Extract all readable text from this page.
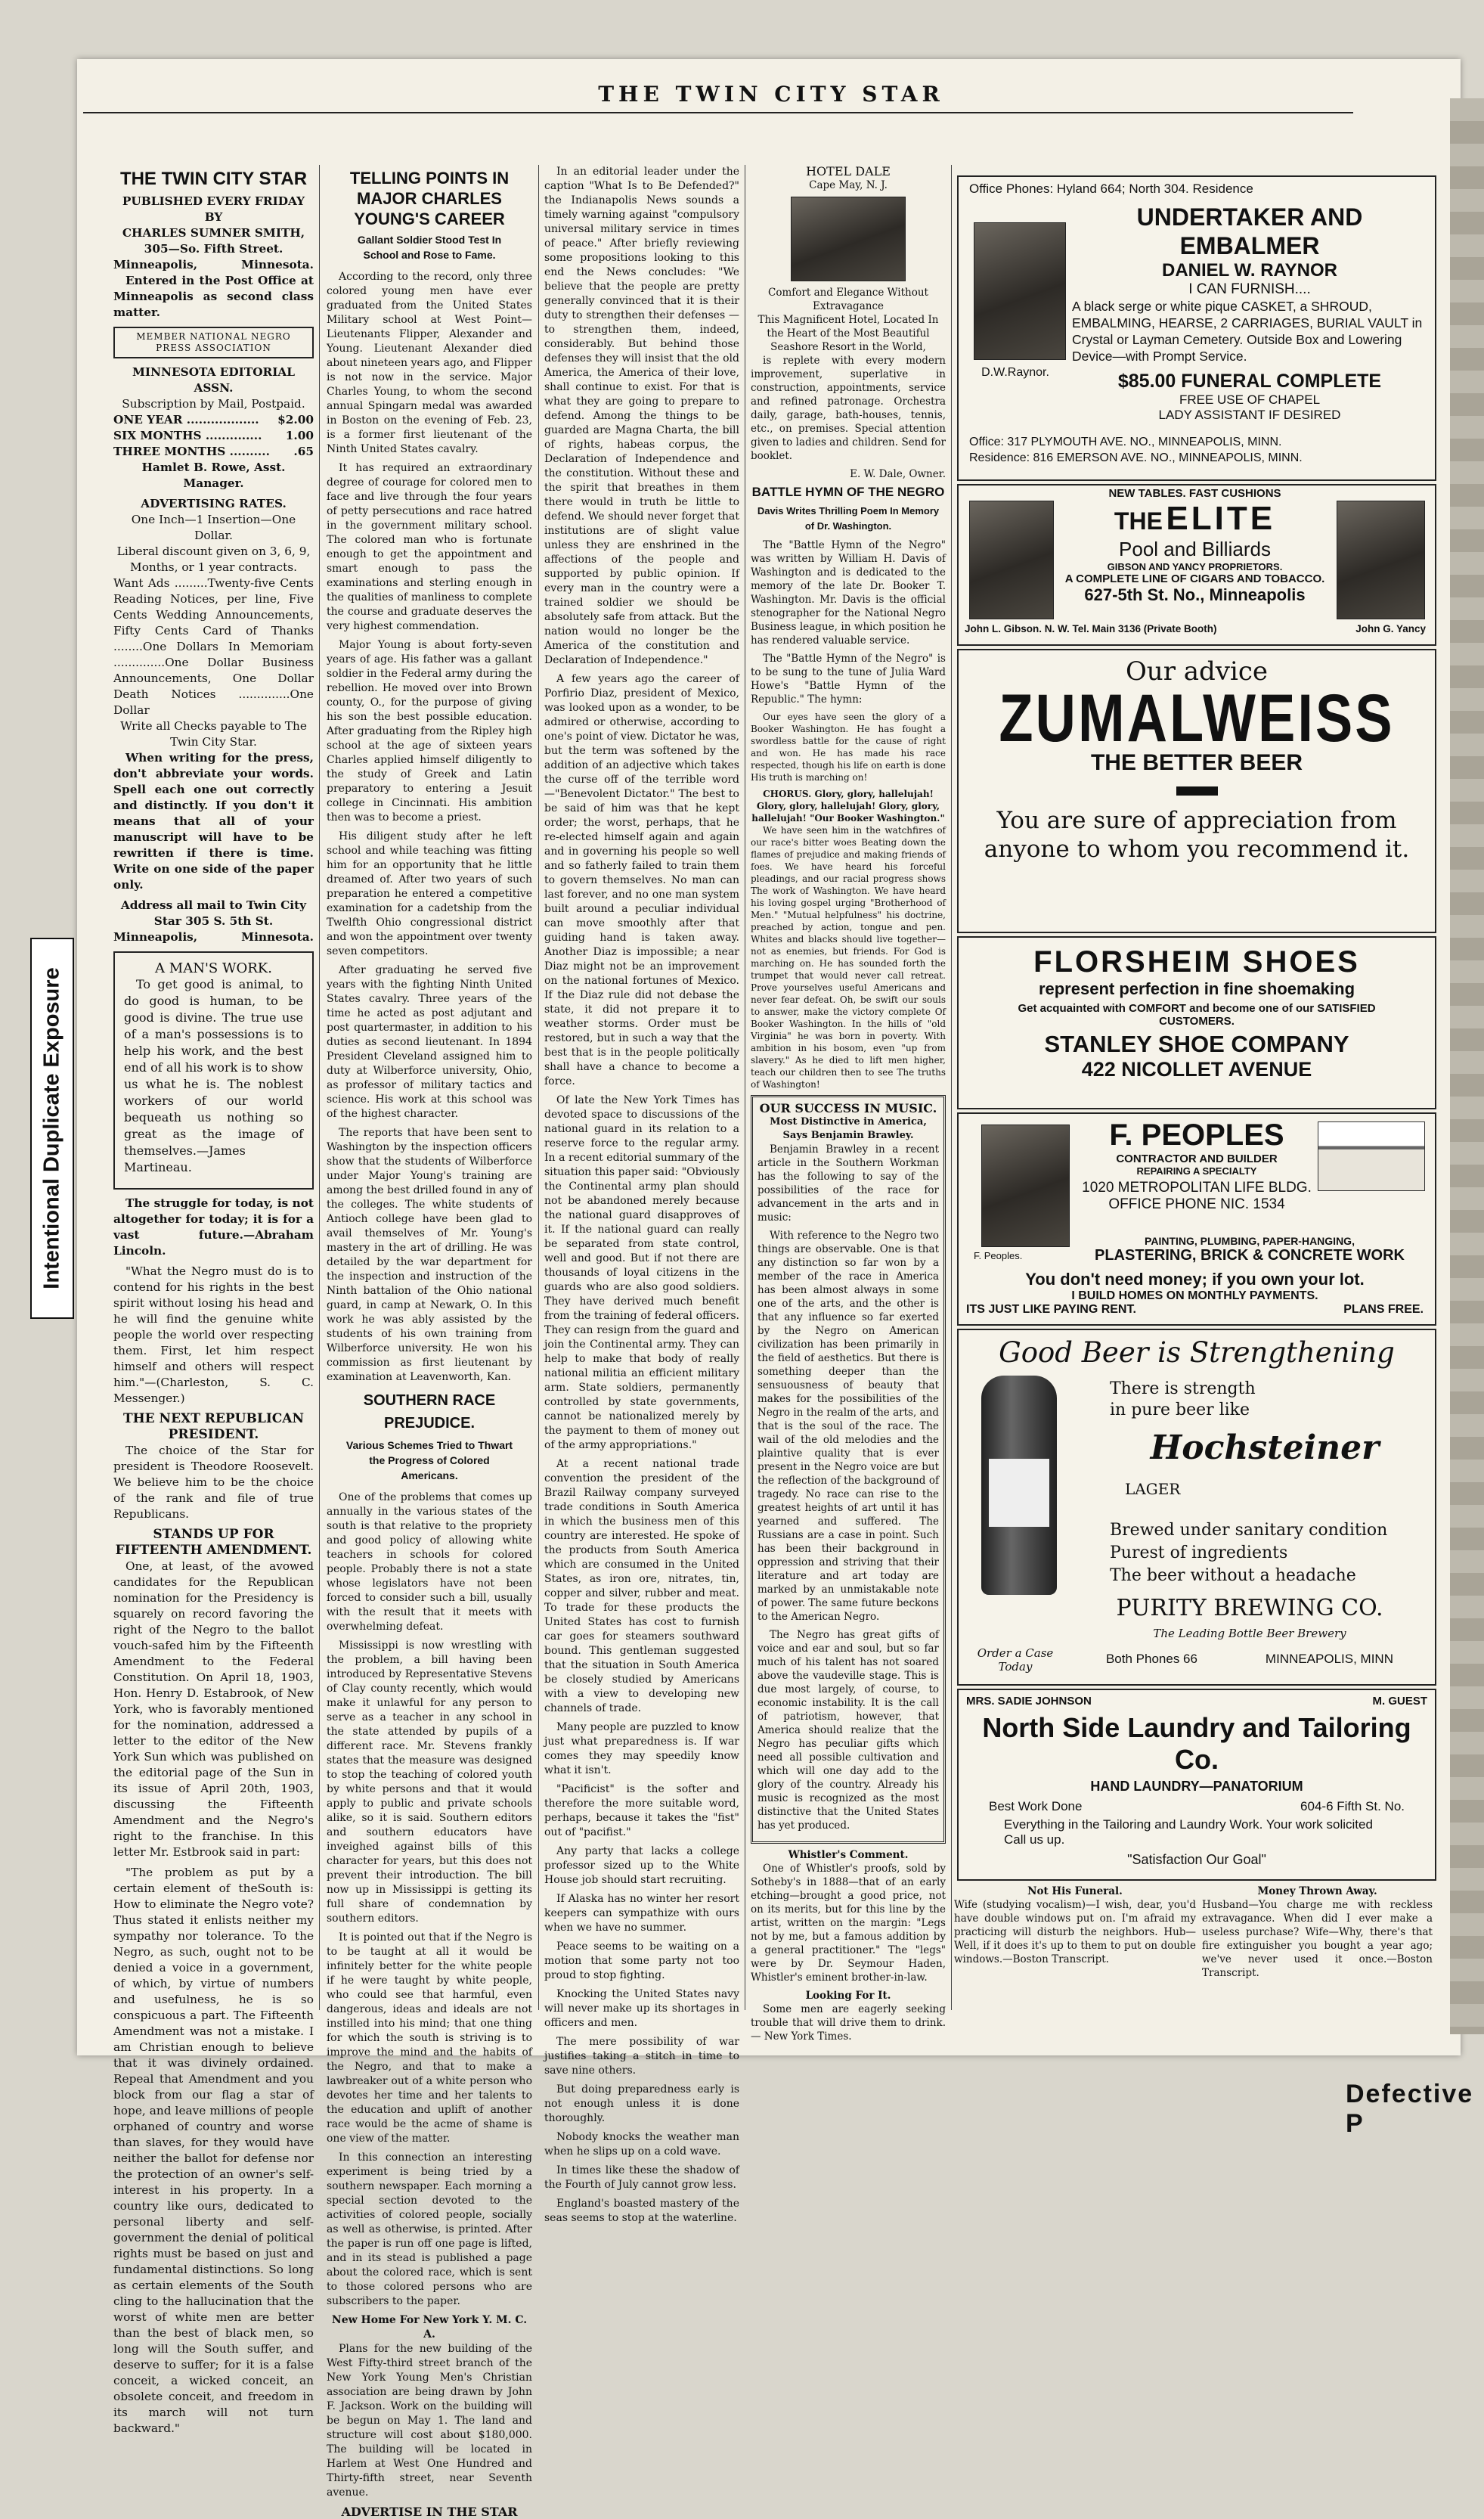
THE TWIN CITY STAR
THE TWIN CITY STAR
PUBLISHED EVERY FRIDAY BY
CHARLES SUMNER SMITH,
305—So. Fifth Street.
Minneapolis,	Minnesota.

Entered in the Post Office at Minneapolis as second class matter.

MEMBER NATIONAL NEGRO PRESS ASSOCIATION
MINNESOTA EDITORIAL ASSN.
Subscription by Mail, Postpaid.
ONE YEAR .................. $2.00
SIX MONTHS .............. 1.00
THREE MONTHS .......... .65
Hamlet B. Rowe, Asst. Manager.
ADVERTISING RATES.
One Inch—1 Insertion—One Dollar.
Liberal discount given on 3, 6, 9, Months, or 1 year contracts.
Want Ads .........Twenty-five Cents Reading Notices, per line, Five Cents Wedding Announcements, Fifty Cents Card of Thanks ........One Dollars In Memoriam ..............One Dollar Business Announcements, One Dollar Death Notices ..............One Dollar
Write all Checks payable to The Twin City Star.

When writing for the press, don't abbreviate your words. Spell each one out correctly and distinctly. If you don't it means that all of your manuscript will have to be rewritten if there is time. Write on one side of the paper only.

Address all mail to Twin City Star 305 S. 5th St.
Minneapolis,	Minnesota.
A MAN'S WORK.

To get good is animal, to do good is human, to be good is divine. The true use of a man's possessions is to help his work, and the best end of all his work is to show us what he is. The noblest workers of our world bequeath us nothing so great as the image of themselves.—James Martineau.

The struggle for today, is not altogether for today; it is for a vast future.—Abraham Lincoln.

"What the Negro must do is to contend for his rights in the best spirit without losing his head and he will find the genuine white people the world over respecting them. First, let him respect himself and others will respect him."—(Charleston, S. C. Messenger.)

THE NEXT REPUBLICAN PRESIDENT.

The choice of the Star for president is Theodore Roosevelt. We believe him to be the choice of the rank and file of true Republicans.

STANDS UP FOR FIFTEENTH AMENDMENT.

One, at least, of the avowed candidates for the Republican nomination for the Presidency is squarely on record favoring the right of the Negro to the ballot vouch-safed him by the Fifteenth Amendment to the Federal Constitution. On April 18, 1903, Hon. Henry D. Estabrook, of New York, who is favorably mentioned for the nomination, addressed a letter to the editor of the New York Sun which was published on the editorial page of the Sun in its issue of April 20th, 1903, discussing the Fifteenth Amendment and the Negro's right to the franchise. In this letter Mr. Estbrook said in part:

"The problem as put by a certain element of theSouth is: How to eliminate the Negro vote? Thus stated it enlists neither my sympathy nor tolerance. To the Negro, as such, ought not to be denied a voice in a government, of which, by virtue of numbers and usefulness, he is so conspicuous a part. The Fifteenth Amendment was not a mistake. I am Christian enough to believe that it was divinely ordained. Repeal that Amendment and you block from our flag a star of hope, and leave millions of people orphaned of country and worse than slaves, for they would have neither the ballot for defense nor the protection of an owner's self-interest in his property. In a country like ours, dedicated to personal liberty and self-government the denial of political rights must be based on just and fundamental distinctions. So long as certain elements of the South cling to the hallucination that the worst of white men are better than the best of black men, so long will the South suffer, and deserve to suffer; for it is a false conceit, a wicked conceit, an obsolete conceit, and freedom in its march will not turn backward."

TELLING POINTS IN MAJOR CHARLES YOUNG'S CAREER
Gallant Soldier Stood Test In School and Rose to Fame.

According to the record, only three colored young men have ever graduated from the United States Military school at West Point—Lieutenants Flipper, Alexander and Young. Lieutenant Alexander died about nineteen years ago, and Flipper is not now in the service. Major Charles Young, to whom the second annual Spingarn medal was awarded in Boston on the evening of Feb. 23, is a former first lieutenant of the Ninth United States cavalry.

It has required an extraordinary degree of courage for colored men to face and live through the four years of petty persecutions and race hatred in the government military school. The colored man who is fortunate enough to get the appointment and smart enough to pass the examinations and sterling enough in the qualities of manliness to complete the course and graduate deserves the very highest commendation.

Major Young is about forty-seven years of age. His father was a gallant soldier in the Federal army during the rebellion. He moved over into Brown county, O., for the purpose of giving his son the best possible education. After graduating from the Ripley high school at the age of sixteen years Charles applied himself diligently to the study of Greek and Latin preparatory to entering a Jesuit college in Cincinnati. His ambition then was to become a priest.

His diligent study after he left school and while teaching was fitting him for an opportunity that he little dreamed of. After two years of such preparation he entered a competitive examination for a cadetship from the Twelfth Ohio congressional district and won the appointment over twenty seven competitors.

After graduating he served five years with the fighting Ninth United States cavalry. Three years of the time he acted as post adjutant and post quartermaster, in addition to his duties as second lieutenant. In 1894 President Cleveland assigned him to duty at Wilberforce university, Ohio, as professor of military tactics and science. His work at this school was of the highest character.

The reports that have been sent to Washington by the inspection officers show that the students of Wilberforce under Major Young's training are among the best drilled found in any of the colleges. The white students of Antioch college have been glad to avail themselves of Mr. Young's mastery in the art of drilling. He was detailed by the war department for the inspection and instruction of the Ninth battalion of the Ohio national guard, in camp at Newark, O. In this work he was ably assisted by the students of his own training from Wilberforce university. He won his commission as first lieutenant by examination at Leavenworth, Kan.

SOUTHERN RACE PREJUDICE.
Various Schemes Tried to Thwart the Progress of Colored Americans.

One of the problems that comes up annually in the various states of the south is that relative to the propriety and good policy of allowing white teachers in schools for colored people. Probably there is not a state whose legislators have not been forced to consider such a bill, usually with the result that it meets with overwhelming defeat.

Mississippi is now wrestling with the problem, a bill having been introduced by Representative Stevens of Clay county recently, which would make it unlawful for any person to serve as a teacher in any school in the state attended by pupils of a different race. Mr. Stevens frankly states that the measure was designed to stop the teaching of colored youth by white persons and that it would apply to public and private schools alike, so it is said. Southern editors and southern educators have inveighed against bills of this character for years, but this does not prevent their introduction. The bill now up in Mississippi is getting its full share of condemnation by southern editors.

It is pointed out that if the Negro is to be taught at all it would be infinitely better for the white people if he were taught by white people, who could see that harmful, even dangerous, ideas and ideals are not instilled into his mind; that one thing for which the south is striving is to improve the mind and the habits of the Negro, and that to make a lawbreaker out of a white person who devotes her time and her talents to the education and uplift of another race would be the acme of shame is one view of the matter.

In this connection an interesting experiment is being tried by a southern newspaper. Each morning a special section devoted to the activities of colored people, socially as well as otherwise, is printed. After the paper is run off one page is lifted, and in its stead is published a page about the colored race, which is sent to those colored persons who are subscribers to the paper.

New Home For New York Y. M. C. A.

Plans for the new building of the West Fifty-third street branch of the New York Young Men's Christian association are being drawn by John F. Jackson. Work on the building will be begun on May 1. The land and structure will cost about $180,000. The building will be located in Harlem at West One Hundred and Thirty-fifth street, near Seventh avenue.

ADVERTISE IN THE STAR

In an editorial leader under the caption "What Is to Be Defended?" the Indianapolis News sounds a timely warning against "compulsory universal military service in times of peace." After briefly reviewing some propositions looking to this end the News concludes: "We believe that the people are pretty generally convinced that it is their duty to strengthen their defenses —to strengthen them, indeed, considerably. But behind those defenses they will insist that the old America, the America of their love, shall continue to exist. For that is what they are going to prepare to defend. Among the things to be guarded are Magna Charta, the bill of rights, habeas corpus, the Declaration of Independence and the constitution. Without these and the spirit that breathes in them there would in truth be little to defend. We should never forget that institutions are of slight value unless they are enshrined in the affections of the people and supported by public opinion. If every man in the country were a trained soldier we should be absolutely safe from attack. But the nation would no longer be the America of the constitution and Declaration of Independence."

A few years ago the career of Porfirio Diaz, president of Mexico, was looked upon as a wonder, to be admired or otherwise, according to one's point of view. Dictator he was, but the term was softened by the addition of an adjective which takes the curse off of the terrible word—"Benevolent Dictator." The best to be said of him was that he kept order; the worst, perhaps, that he re-elected himself again and again and in governing his people so well and so fatherly failed to train them to govern themselves. No man can last forever, and no one man system built around a peculiar individual can move smoothly after that guiding hand is taken away. Another Diaz is impossible; a near Diaz might not be an improvement on the national fortunes of Mexico. If the Diaz rule did not debase the state, it did not prepare it to weather storms. Order must be restored, but in such a way that the best that is in the people politically shall have a chance to become a force.

Of late the New York Times has devoted space to discussions of the national guard in its relation to a reserve force to the regular army. In a recent editorial summary of the situation this paper said: "Obviously the Continental army plan should not be abandoned merely because the national guard disapproves of it. If the national guard can really be separated from state control, well and good. But if not there are thousands of loyal citizens in the guards who are also good soldiers. They have derived much benefit from the training of federal officers. They can resign from the guard and join the Continental army. They can help to make that body of really national militia an efficient military arm. State soldiers, permanently controlled by state governments, cannot be nationalized merely by the payment to them of money out of the army appropriations."

At a recent national trade convention the president of the Brazil Railway company surveyed trade conditions in South America in which the business men of this country are interested. He spoke of the products from South America which are consumed in the United States, as iron ore, nitrates, tin, copper and silver, rubber and meat. To trade for these products the United States has cost to furnish car goes for steamers southward bound. This gentleman suggested that the situation in South America be closely studied by Americans with a view to developing new channels of trade.

Many people are puzzled to know just what preparedness is. If war comes they may speedily know what it isn't.

"Pacificist" is the softer and therefore the more suitable word, perhaps, because it takes the "fist" out of "pacifist."

Any party that lacks a college professor sized up to the White House job should start recruiting.

If Alaska has no winter her resort keepers can sympathize with ours when we have no summer.

Peace seems to be waiting on a motion that some party not too proud to stop fighting.

Knocking the United States navy will never make up its shortages in officers and men.

The mere possibility of war justifies taking a stitch in time to save nine others.

But doing preparedness early is not enough unless it is done thoroughly.

Nobody knocks the weather man when he slips up on a cold wave.

In times like these the shadow of the Fourth of July cannot grow less.

England's boasted mastery of the seas seems to stop at the waterline.

HOTEL DALE
Cape May, N. J.
Comfort and Elegance Without Extravagance
This Magnificent Hotel, Located In the Heart of the Most Beautiful Seashore Resort in the World,

is replete with every modern improvement, superlative in construction, appointments, service and refined patronage. Orchestra daily, garage, bath-houses, tennis, etc., on premises. Special attention given to ladies and children. Send for booklet.

E. W. Dale, Owner.
BATTLE HYMN OF THE NEGRO
Davis Writes Thrilling Poem In Memory of Dr. Washington.

The "Battle Hymn of the Negro" was written by William H. Davis of Washington and is dedicated to the memory of the late Dr. Booker T. Washington. Mr. Davis is the official stenographer for the National Negro Business league, in which position he has rendered valuable service.

The "Battle Hymn of the Negro" is to be sung to the tune of Julia Ward Howe's "Battle Hymn of the Republic." The hymn:

Our eyes have seen the glory of a Booker Washington. He has fought a swordless battle for the cause of right and won. He has made his race respected, though his life on earth is done His truth is marching on!

CHORUS. Glory, glory, hallelujah! Glory, glory, hallelujah! Glory, glory, hallelujah! "Our Booker Washington."

We have seen him in the watchfires of our race's bitter woes Beating down the flames of prejudice and making friends of foes. We have heard his forceful pleadings, and our racial progress shows The work of Washington. We have heard his loving gospel urging "Brotherhood of Men." "Mutual helpfulness" his doctrine, preached by action, tongue and pen. Whites and blacks should live together— not as enemies, but friends. For God is marching on. He has sounded forth the trumpet that would never call retreat. Prove yourselves useful Americans and never fear defeat. Oh, be swift our souls to answer, make the victory complete Of Booker Washington. In the hills of "old Virginia" he was born in poverty. With ambition in his bosom, even "up from slavery." As he died to lift men higher, teach our children then to see The truths of Washington!

OUR SUCCESS IN MUSIC.
Most Distinctive in America, Says Benjamin Brawley.

Benjamin Brawley in a recent article in the Southern Workman has the following to say of the possibilities of the race for advancement in the arts and in music:

With reference to the Negro two things are observable. One is that any distinction so far won by a member of the race in America has been almost always in some one of the arts, and the other is that any influence so far exerted by the Negro on American civilization has been primarily in the field of aesthetics. But there is something deeper than the sensuousness of beauty that makes for the possibilities of the Negro in the realm of the arts, and that is the soul of the race. The wail of the old melodies and the plaintive quality that is ever present in the Negro voice are but the reflection of the background of tragedy. No race can rise to the greatest heights of art until it has yearned and suffered. The Russians are a case in point. Such has been their background in oppression and striving that their literature and art today are marked by an unmistakable note of power. The same future beckons to the American Negro.

The Negro has great gifts of voice and ear and soul, but so far much of his talent has not soared above the vaudeville stage. This is due most largely, of course, to economic instability. It is the call of patriotism, however, that America should realize that the Negro has peculiar gifts which need all possible cultivation and which will one day add to the glory of the country. Already his music is recognized as the most distinctive that the United States has yet produced.

Whistler's Comment.

One of Whistler's proofs, sold by Sotheby's in 1888—that of an early etching—brought a good price, not on its merits, but for this line by the artist, written on the margin: "Legs not by me, but a famous addition by a general practitioner." The "legs" were by Dr. Seymour Haden, Whistler's eminent brother-in-law.

Looking For It.

Some men are eagerly seeking trouble that will drive them to drink.— New York Times.

Office Phones: Hyland 664; North 304. Residence
D.W.Raynor.
UNDERTAKER AND EMBALMER
DANIEL W. RAYNOR
I CAN FURNISH....
A black serge or white pique CASKET, a SHROUD, EMBALMING, HEARSE, 2 CARRIAGES, BURIAL VAULT in Crystal or Layman Cemetery. Outside Box and Lowering Device—with Prompt Service.
$85.00 FUNERAL COMPLETE
FREE USE OF CHAPEL
LADY ASSISTANT IF DESIRED
Office: 317 PLYMOUTH AVE. NO., MINNEAPOLIS, MINN.
Residence: 816 EMERSON AVE. NO., MINNEAPOLIS, MINN.
NEW TABLES. FAST CUSHIONS
THE ELITE
Pool and Billiards
GIBSON AND YANCY PROPRIETORS.
A COMPLETE LINE OF CIGARS AND TOBACCO.
627-5th St. No., Minneapolis
John L. Gibson. N. W. Tel. Main 3136 (Private Booth)	John G. Yancy
Our advice
ZUMALWEISS
THE BETTER BEER
You are sure of appreciation from anyone to whom you recommend it.
FLORSHEIM SHOES
represent perfection in fine shoemaking
Get acquainted with COMFORT and become one of our SATISFIED CUSTOMERS.
STANLEY SHOE COMPANY
422 NICOLLET AVENUE
F. Peoples.
F. PEOPLES
CONTRACTOR AND BUILDER
REPAIRING A SPECIALTY
1020 METROPOLITAN LIFE BLDG.
OFFICE PHONE NIC. 1534
PAINTING, PLUMBING, PAPER-HANGING,
PLASTERING, BRICK & CONCRETE WORK
You don't need money; if you own your lot.
I BUILD HOMES ON MONTHLY PAYMENTS.
ITS JUST LIKE PAYING RENT.	PLANS FREE.
Good Beer is Strengthening
There is strength in pure beer like
Hochsteiner
LAGER
Brewed under sanitary condition
Purest of ingredients
The beer without a headache
PURITY BREWING CO.
The Leading Bottle Beer Brewery
Order a Case Today
Both Phones 66	MINNEAPOLIS, MINN
MRS. SADIE JOHNSON	M. GUEST
North Side Laundry and Tailoring Co.
HAND LAUNDRY—PANATORIUM
Best Work Done	604-6 Fifth St. No.
Everything in the Tailoring and Laundry Work. Your work solicited Call us up.
"Satisfaction Our Goal"
Not His Funeral.
Wife (studying vocalism)—I wish, dear, you'd have double windows put on. I'm afraid my practicing will disturb the neighbors. Hub—Well, if it does it's up to them to put on double windows.—Boston Transcript.
Money Thrown Away.
Husband—You charge me with reckless extravagance. When did I ever make a useless purchase? Wife—Why, there's that fire extinguisher you bought a year ago; we've never used it once.—Boston Transcript.
Intentional Duplicate Exposure
Defective P
